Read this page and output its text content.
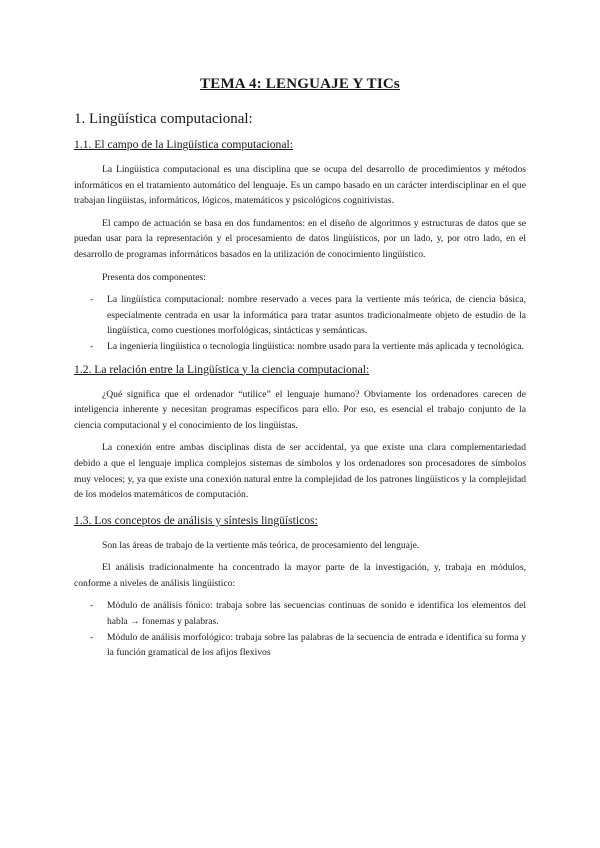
TEMA 4: LENGUAJE Y TICs
1. Lingüística computacional:
1.1. El campo de la Lingüística computacional:

La Lingüística computacional es una disciplina que se ocupa del desarrollo de procedimientos y métodos informáticos en el tratamiento automático del lenguaje. Es un campo basado en un carácter interdisciplinar en el que trabajan lingüistas, informáticos, lógicos, matemáticos y psicológicos cognitivistas.

El campo de actuación se basa en dos fundamentos: en el diseño de algoritmos y estructuras de datos que se puedan usar para la representación y el procesamiento de datos lingüísticos, por un lado, y, por otro lado, en el desarrollo de programas informáticos basados en la utilización de conocimiento lingüístico.

Presenta dos componentes:

- La lingüística computacional: nombre reservado a veces para la vertiente más teórica, de ciencia básica, especialmente centrada en usar la informática para tratar asuntos tradicionalmente objeto de estudio de la lingüística, como cuestiones morfológicas, sintácticas y semánticas.
- La ingeniería lingüística o tecnología lingüística: nombre usado para la vertiente más aplicada y tecnológica.
1.2. La relación entre la Lingüística y la ciencia computacional:

¿Qué significa que el ordenador “utilice” el lenguaje humano? Obviamente los ordenadores carecen de inteligencia inherente y necesitan programas específicos para ello. Por eso, es esencial el trabajo conjunto de la ciencia computacional y el conocimiento de los lingüistas.

La conexión entre ambas disciplinas dista de ser accidental, ya que existe una clara complementariedad debido a que el lenguaje implica complejos sistemas de símbolos y los ordenadores son procesadores de símbolos muy veloces; y, ya que existe una conexión natural entre la complejidad de los patrones lingüísticos y la complejidad de los modelos matemáticos de computación.

1.3. Los conceptos de análisis y síntesis lingüísticos:

Son las áreas de trabajo de la vertiente más teórica, de procesamiento del lenguaje.

El análisis tradicionalmente ha concentrado la mayor parte de la investigación, y, trabaja en módulos, conforme a niveles de análisis lingüístico:

- Módulo de análisis fónico: trabaja sobre las secuencias continuas de sonido e identifica los elementos del habla → fonemas y palabras.
- Módulo de análisis morfológico: trabaja sobre las palabras de la secuencia de entrada e identifica su forma y la función gramatical de los afijos flexivos
